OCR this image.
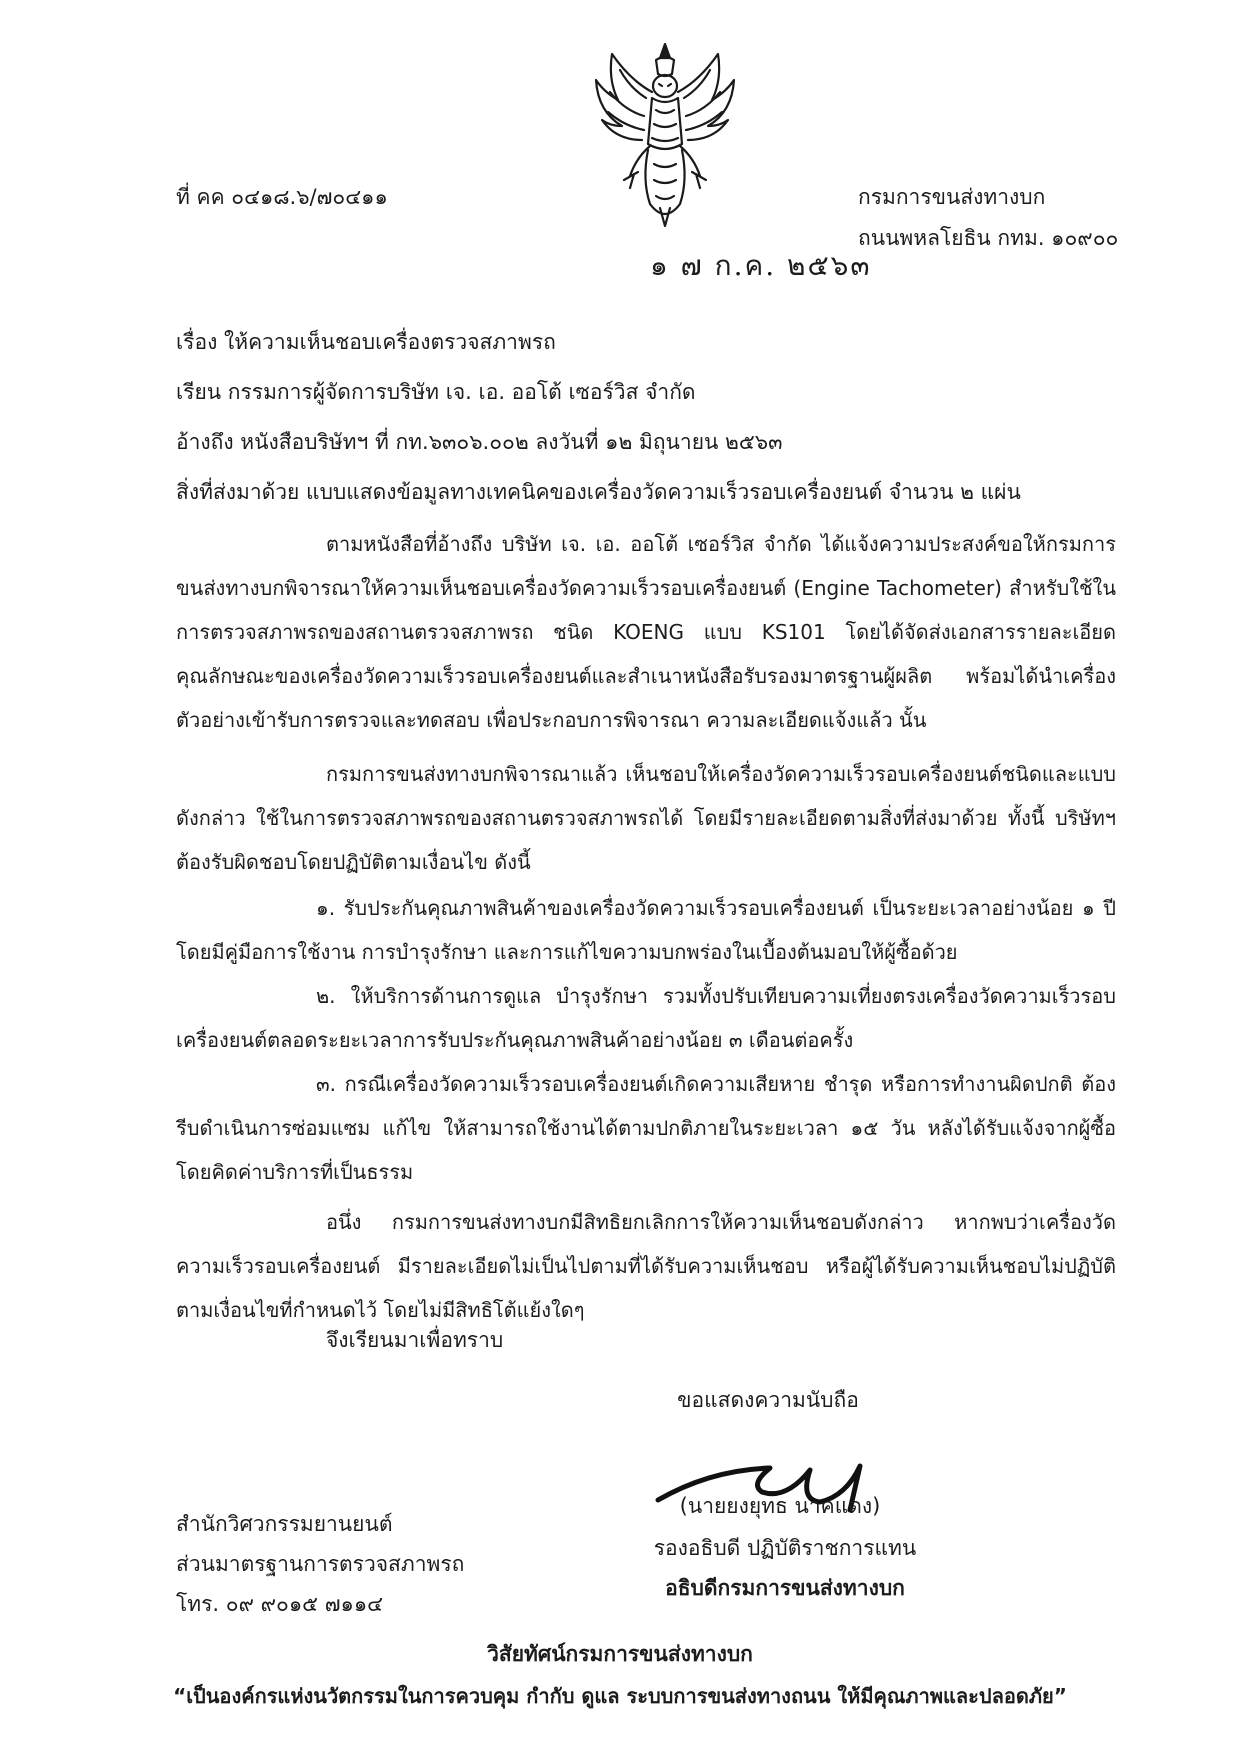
ที่ คค ๐๔๑๘.๖/๗๐๔๑๑	กรมการขนส่งทางบก
ถนนพหลโยธิน กทม. ๑๐๙๐๐
๑ ๗ ก.ค. ๒๕๖๓
เรื่อง ให้ความเห็นชอบเครื่องตรวจสภาพรถ
เรียน กรรมการผู้จัดการบริษัท เจ. เอ. ออโต้ เซอร์วิส จำกัด
อ้างถึง หนังสือบริษัทฯ ที่ กท.๖๓๐๖.๐๐๒ ลงวันที่ ๑๒ มิถุนายน ๒๕๖๓
สิ่งที่ส่งมาด้วย แบบแสดงข้อมูลทางเทคนิคของเครื่องวัดความเร็วรอบเครื่องยนต์ จำนวน ๒ แผ่น
ตามหนังสือที่อ้างถึง บริษัท เจ. เอ. ออโต้ เซอร์วิส จำกัด ได้แจ้งความประสงค์ขอให้กรมการขนส่งทางบกพิจารณาให้ความเห็นชอบเครื่องวัดความเร็วรอบเครื่องยนต์ (Engine Tachometer) สำหรับใช้ในการตรวจสภาพรถของสถานตรวจสภาพรถ ชนิด KOENG แบบ KS101 โดยได้จัดส่งเอกสารรายละเอียดคุณลักษณะของเครื่องวัดความเร็วรอบเครื่องยนต์และสำเนาหนังสือรับรองมาตรฐานผู้ผลิต พร้อมได้นำเครื่องตัวอย่างเข้ารับการตรวจและทดสอบ เพื่อประกอบการพิจารณา ความละเอียดแจ้งแล้ว นั้น
กรมการขนส่งทางบกพิจารณาแล้ว เห็นชอบให้เครื่องวัดความเร็วรอบเครื่องยนต์ชนิดและแบบดังกล่าว ใช้ในการตรวจสภาพรถของสถานตรวจสภาพรถได้ โดยมีรายละเอียดตามสิ่งที่ส่งมาด้วย ทั้งนี้ บริษัทฯ ต้องรับผิดชอบโดยปฏิบัติตามเงื่อนไข ดังนี้
๑. รับประกันคุณภาพสินค้าของเครื่องวัดความเร็วรอบเครื่องยนต์ เป็นระยะเวลาอย่างน้อย ๑ ปี โดยมีคู่มือการใช้งาน การบำรุงรักษา และการแก้ไขความบกพร่องในเบื้องต้นมอบให้ผู้ซื้อด้วย
๒. ให้บริการด้านการดูแล บำรุงรักษา รวมทั้งปรับเทียบความเที่ยงตรงเครื่องวัดความเร็วรอบเครื่องยนต์ตลอดระยะเวลาการรับประกันคุณภาพสินค้าอย่างน้อย ๓ เดือนต่อครั้ง
๓. กรณีเครื่องวัดความเร็วรอบเครื่องยนต์เกิดความเสียหาย ชำรุด หรือการทำงานผิดปกติ ต้องรีบดำเนินการซ่อมแซม แก้ไข ให้สามารถใช้งานได้ตามปกติภายในระยะเวลา ๑๕ วัน หลังได้รับแจ้งจากผู้ซื้อ โดยคิดค่าบริการที่เป็นธรรม
อนึ่ง กรมการขนส่งทางบกมีสิทธิยกเลิกการให้ความเห็นชอบดังกล่าว หากพบว่าเครื่องวัดความเร็วรอบเครื่องยนต์ มีรายละเอียดไม่เป็นไปตามที่ได้รับความเห็นชอบ หรือผู้ได้รับความเห็นชอบไม่ปฏิบัติตามเงื่อนไขที่กำหนดไว้ โดยไม่มีสิทธิโต้แย้งใดๆ
จึงเรียนมาเพื่อทราบ
ขอแสดงความนับถือ
(นายยงยุทธ นาคแดง)
รองอธิบดี ปฏิบัติราชการแทน
อธิบดีกรมการขนส่งทางบก
สำนักวิศวกรรมยานยนต์
ส่วนมาตรฐานการตรวจสภาพรถ
โทร. ๐๙ ๙๐๑๕ ๗๑๑๔
วิสัยทัศน์กรมการขนส่งทางบก
“เป็นองค์กรแห่งนวัตกรรมในการควบคุม กำกับ ดูแล ระบบการขนส่งทางถนน ให้มีคุณภาพและปลอดภัย”
